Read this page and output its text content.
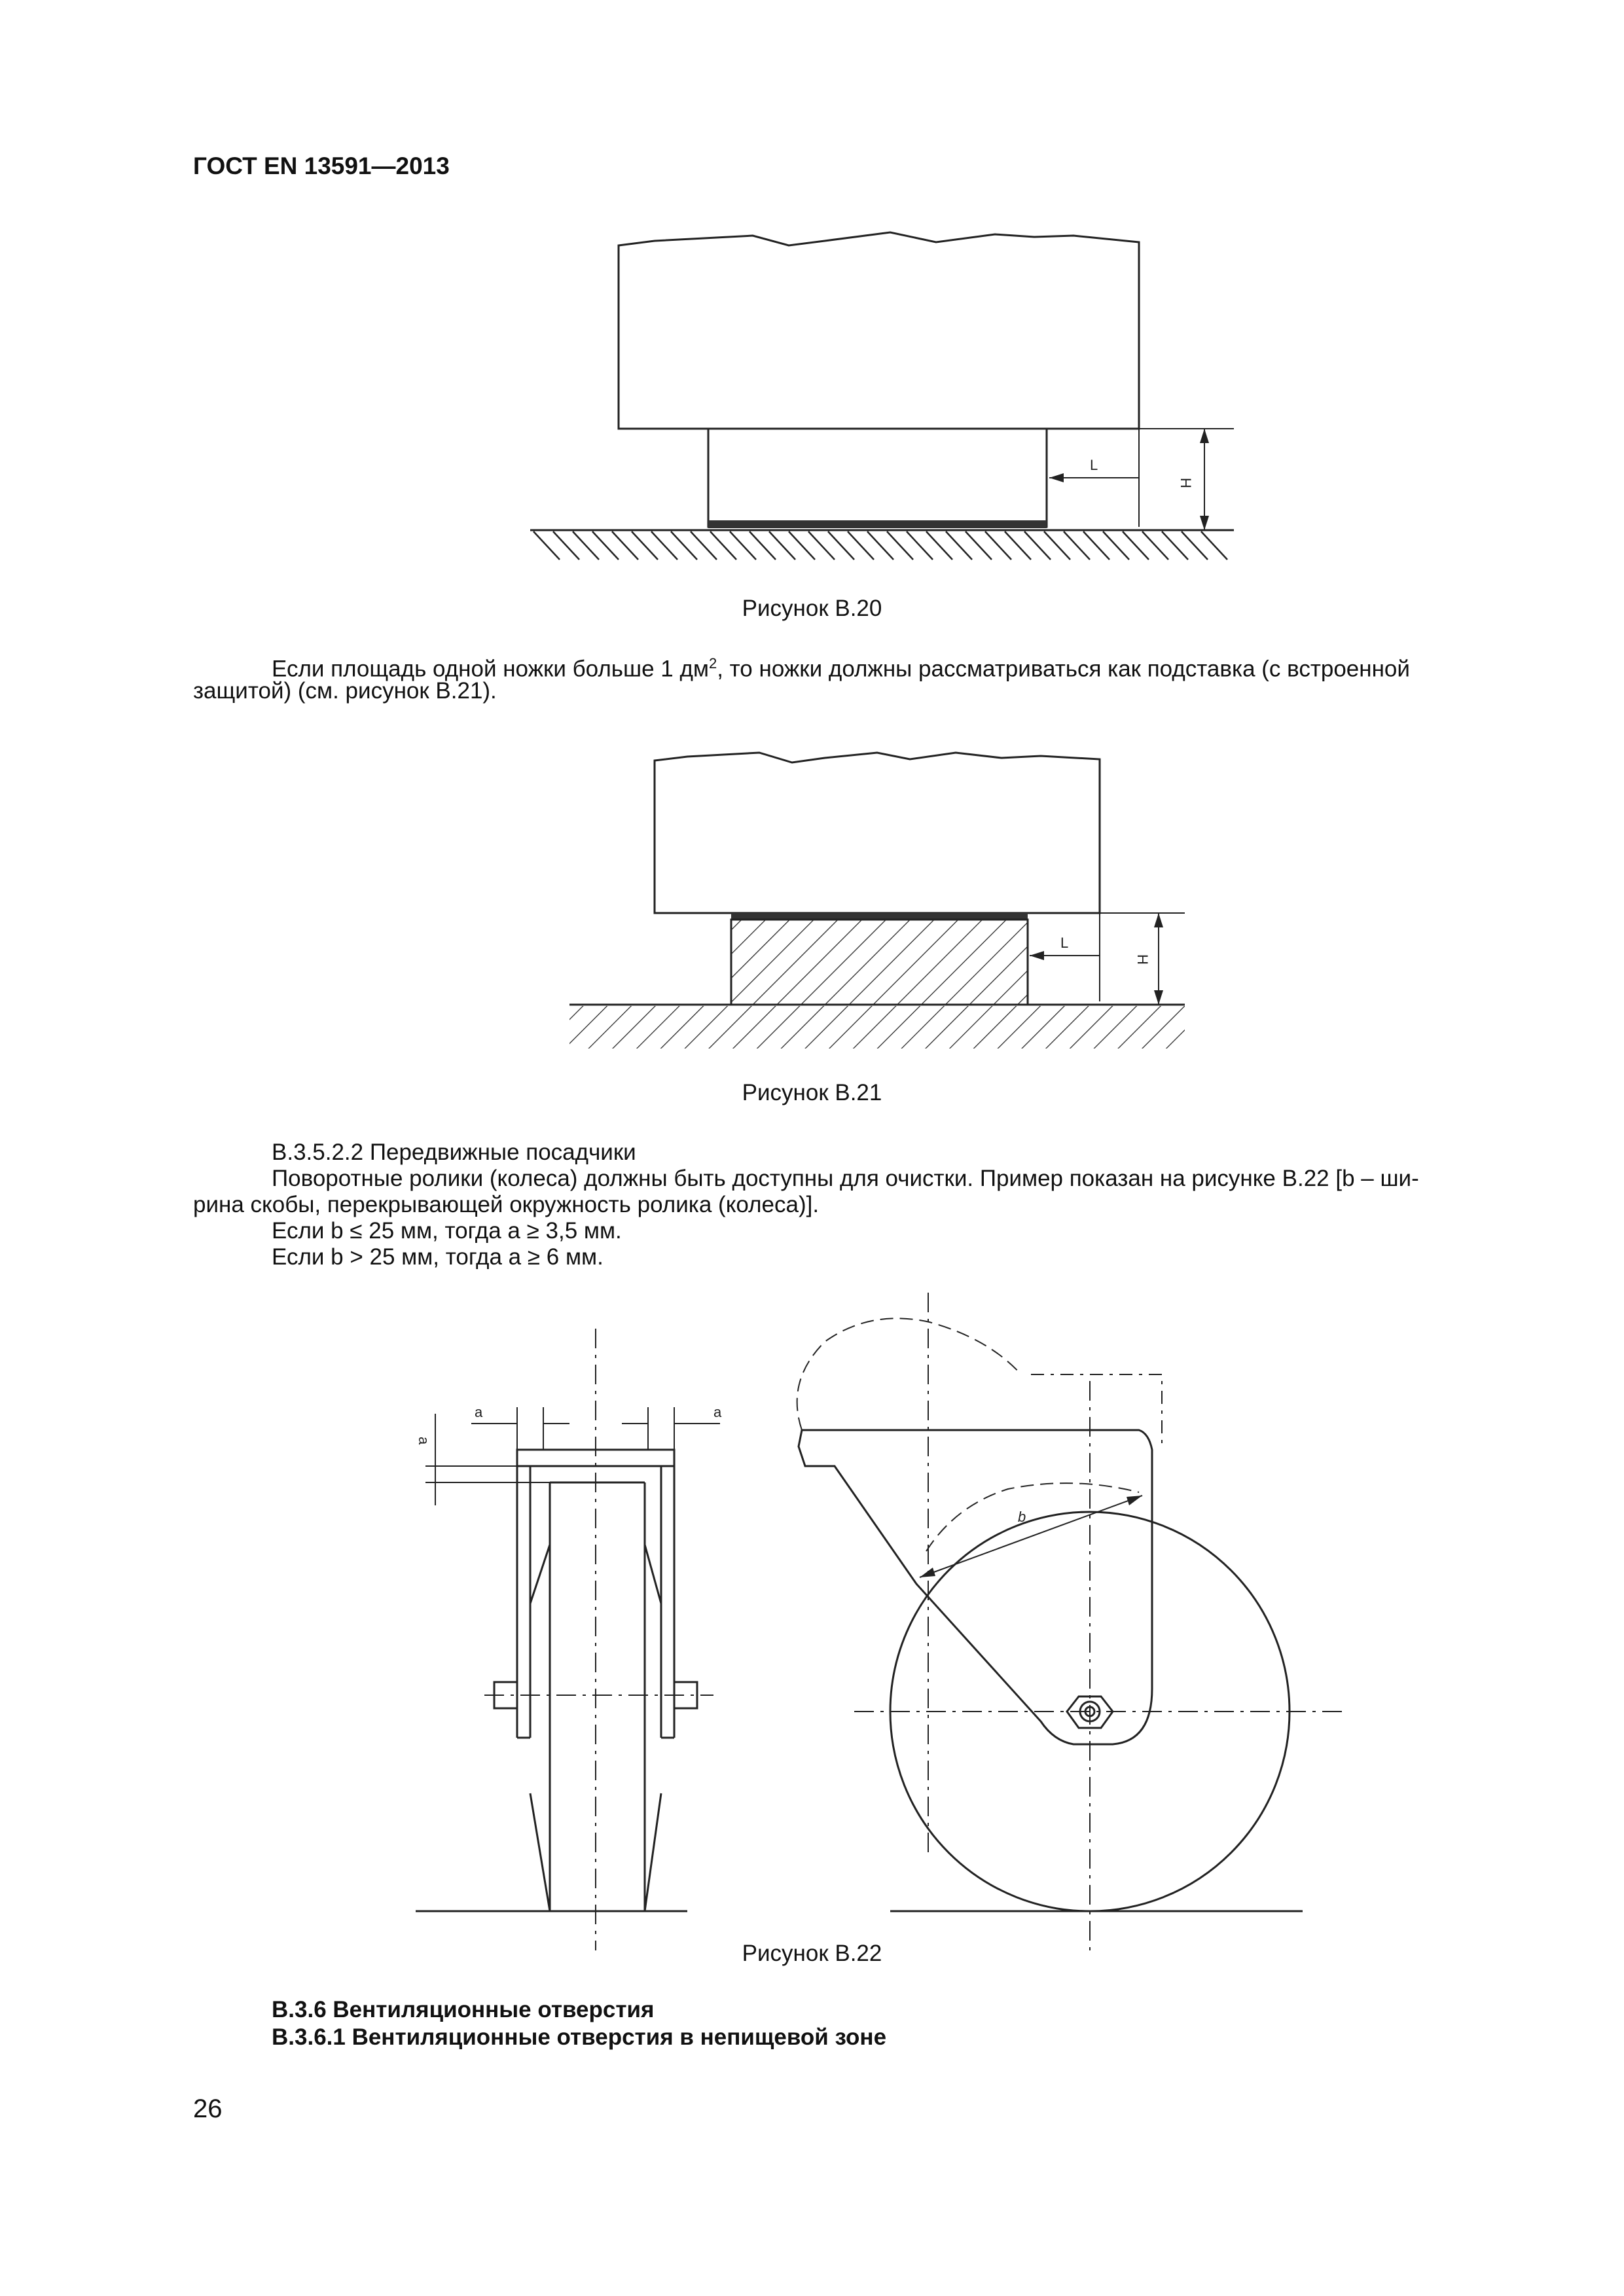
ГОСТ EN 13591—2013
L
H
L
H
a	a
a
b
Рисунок В.20
Если площадь одной ножки больше 1 $дм^2$, то ножки должны рассматриваться как подставка (с встроенной
защитой) (см. рисунок В.21).
Рисунок В.21
В.3.5.2.2 Передвижные посадчики
Поворотные ролики (колеса) должны быть доступны для очистки. Пример показан на рисунке В.22 [b – ши-
рина скобы, перекрывающей окружность ролика (колеса)].
Если b ≤ 25 мм, тогда a ≥ 3,5 мм.
Если b > 25 мм, тогда a ≥ 6 мм.
Рисунок В.22
В.3.6 Вентиляционные отверстия
В.3.6.1 Вентиляционные отверстия в непищевой зоне
26
